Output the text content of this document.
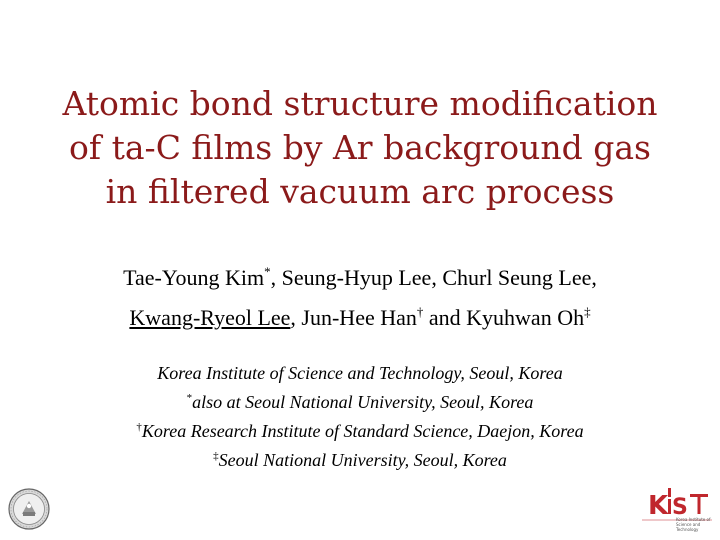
Atomic bond structure modification
of ta-C films by Ar background gas
in filtered vacuum arc process
Tae-Young Kim*, Seung-Hyup Lee, Churl Seung Lee,
Kwang-Ryeol Lee, Jun-Hee Han† and Kyuhwan Oh‡
Korea Institute of Science and Technology, Seoul, Korea
*also at Seoul National University, Seoul, Korea
†Korea Research Institute of Standard Science, Daejon, Korea
‡Seoul National University, Seoul, Korea
K S
Korea Institute of
Science and Technology
